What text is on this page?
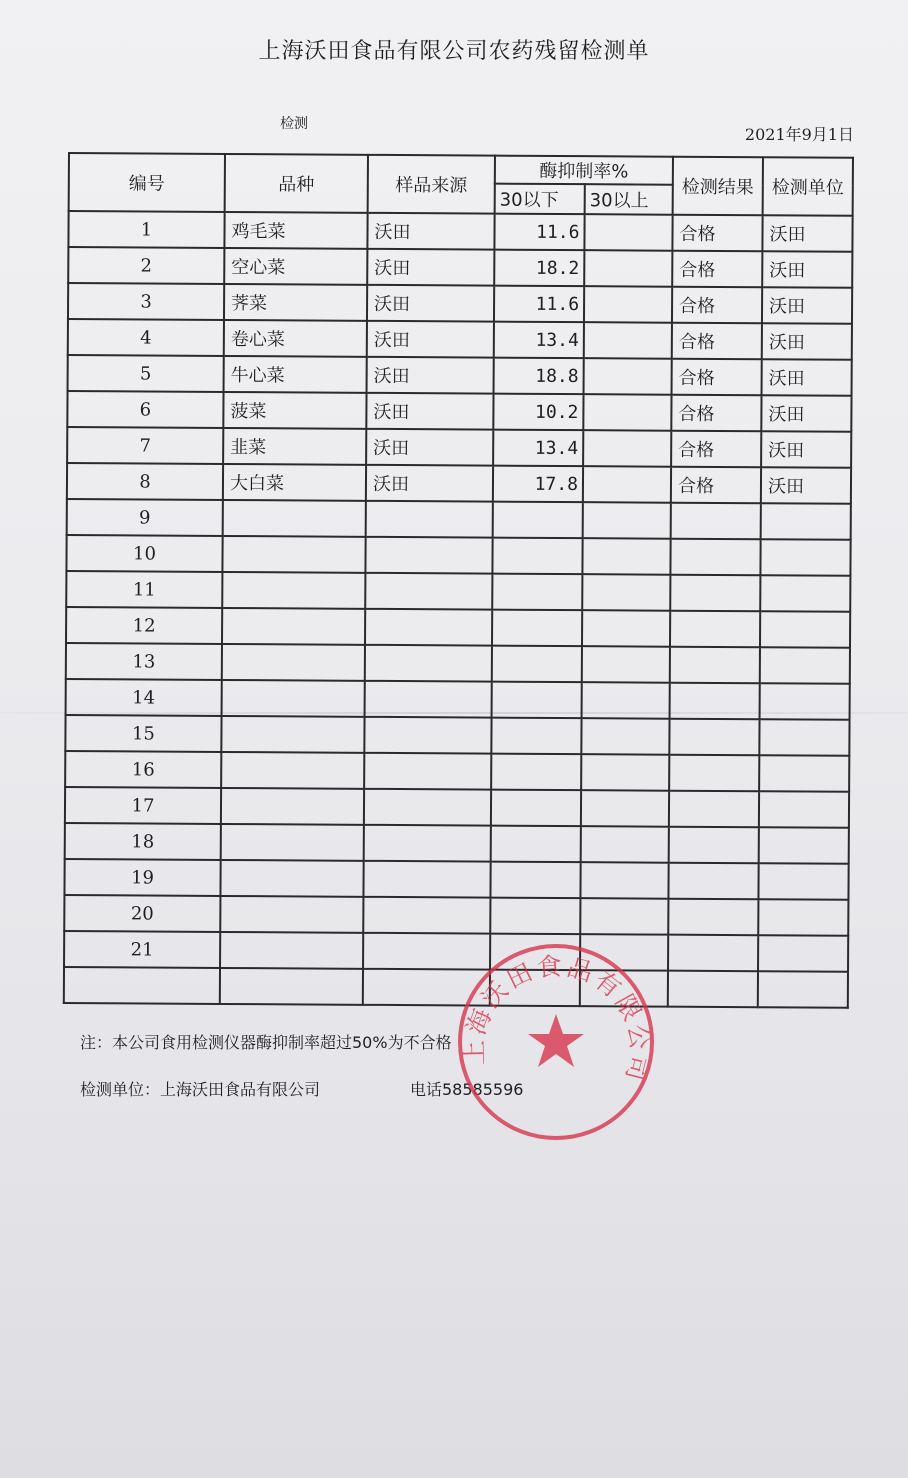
上海沃田食品有限公司农药残留检测单
检测
2021年9月1日
编号	品种	样品来源	酶抑制率%		检测结果	检测单位
			30以下	30以上		
1	鸡毛菜	沃田	11.6		合格	沃田
2	空心菜	沃田	18.2		合格	沃田
3	荠菜	沃田	11.6		合格	沃田
4	卷心菜	沃田	13.4		合格	沃田
5	牛心菜	沃田	18.8		合格	沃田
6	菠菜	沃田	10.2		合格	沃田
7	韭菜	沃田	13.4		合格	沃田
8	大白菜	沃田	17.8		合格	沃田
9						
10						
11						
12						
13						
14						
15						
16						
17						
18						
19						
20						
21						

注：本公司食用检测仪器酶抑制率超过50%为不合格
检测单位：上海沃田食品有限公司	电话58585596
上海沃田食品有限公司
